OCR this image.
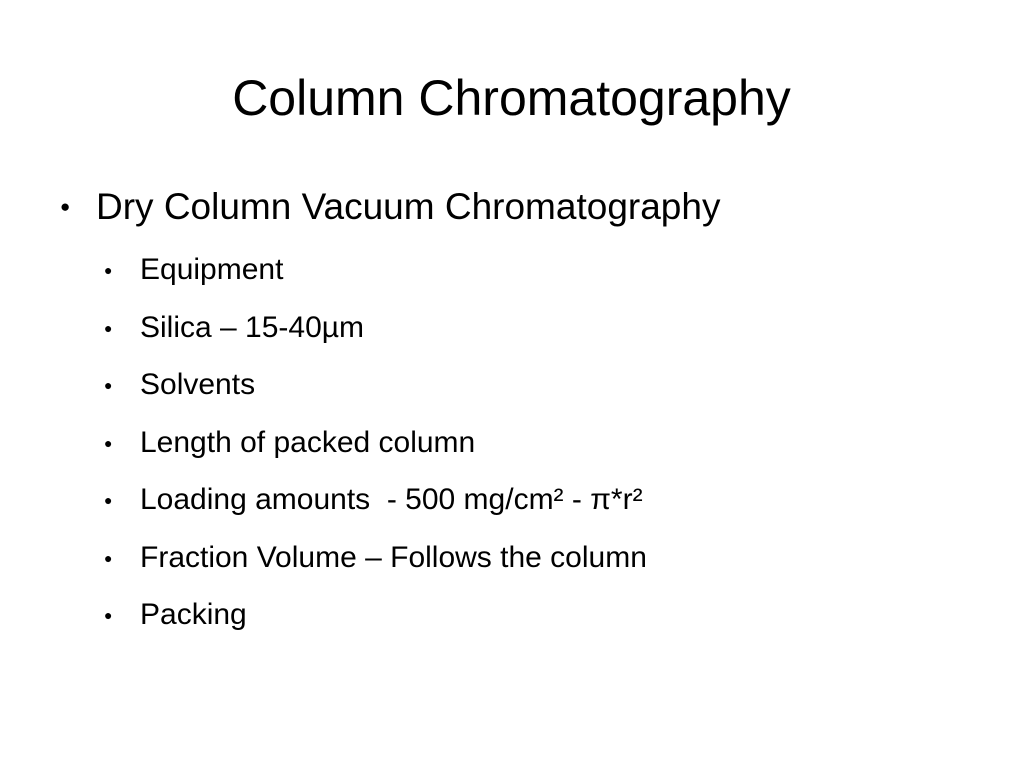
Column Chromatography
● Dry Column Vacuum Chromatography
● Equipment
● Silica – 15-40µm
● Solvents
● Length of packed column
● Loading amounts  - 500 mg/cm² - π*r²
● Fraction Volume – Follows the column
● Packing
